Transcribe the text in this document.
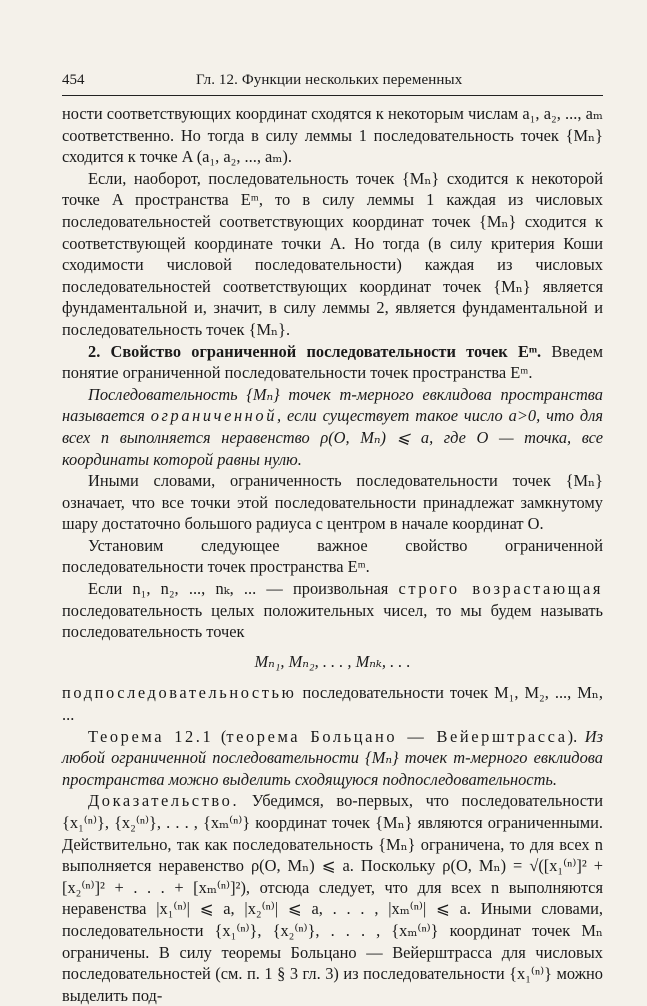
454	Гл. 12. Функции нескольких переменных

ности соответствующих координат сходятся к некоторым числам a₁, a₂, ..., aₘ соответственно. Но тогда в силу леммы 1 последовательность точек {Mₙ} сходится к точке A (a₁, a₂, ..., aₘ).

Если, наоборот, последовательность точек {Mₙ} сходится к некоторой точке A пространства Eᵐ, то в силу леммы 1 каждая из числовых последовательностей соответствующих координат точек {Mₙ} сходится к соответствующей координате точки A. Но тогда (в силу критерия Коши сходимости числовой последовательности) каждая из числовых последовательностей соответствующих координат точек {Mₙ} является фундаментальной и, значит, в силу леммы 2, является фундаментальной и последовательность точек {Mₙ}.

2. Свойство ограниченной последовательности точек Eᵐ. Введем понятие ограниченной последовательности точек пространства Eᵐ.

Последовательность {Mₙ} точек m-мерного евклидова пространства называется ограниченной, если существует такое число a>0, что для всех n выполняется неравенство ρ(O, Mₙ) ⩽ a, где O — точка, все координаты которой равны нулю.

Иными словами, ограниченность последовательности точек {Mₙ} означает, что все точки этой последовательности принадлежат замкнутому шару достаточно большого радиуса с центром в начале координат O.

Установим следующее важное свойство ограниченной последовательности точек пространства Eᵐ.

Если n₁, n₂, ..., nₖ, ... — произвольная строго возрастающая последовательность целых положительных чисел, то мы будем называть последовательность точек

Mₙ₁, Mₙ₂, . . . , Mₙₖ, . . .

подпоследовательностью последовательности точек M₁, M₂, ..., Mₙ, ...

Теорема 12.1 (теорема Больцано — Вейерштрасса). Из любой ограниченной последовательности {Mₙ} точек m-мерного евклидова пространства можно выделить сходящуюся подпоследовательность.

Доказательство. Убедимся, во-первых, что последовательности {x₁⁽ⁿ⁾}, {x₂⁽ⁿ⁾}, . . . , {xₘ⁽ⁿ⁾} координат точек {Mₙ} являются ограниченными. Действительно, так как последовательность {Mₙ} ограничена, то для всех n выполняется неравенство ρ(O, Mₙ) ⩽ a. Поскольку ρ(O, Mₙ) = √([x₁⁽ⁿ⁾]² + [x₂⁽ⁿ⁾]² + . . . + [xₘ⁽ⁿ⁾]²), отсюда следует, что для всех n выполняются неравенства |x₁⁽ⁿ⁾| ⩽ a, |x₂⁽ⁿ⁾| ⩽ a, . . . , |xₘ⁽ⁿ⁾| ⩽ a. Иными словами, последовательности {x₁⁽ⁿ⁾}, {x₂⁽ⁿ⁾}, . . . , {xₘ⁽ⁿ⁾} координат точек Mₙ ограничены. В силу теоремы Больцано — Вейерштрасса для числовых последовательностей (см. п. 1 § 3 гл. 3) из последовательности {x₁⁽ⁿ⁾} можно выделить под-
